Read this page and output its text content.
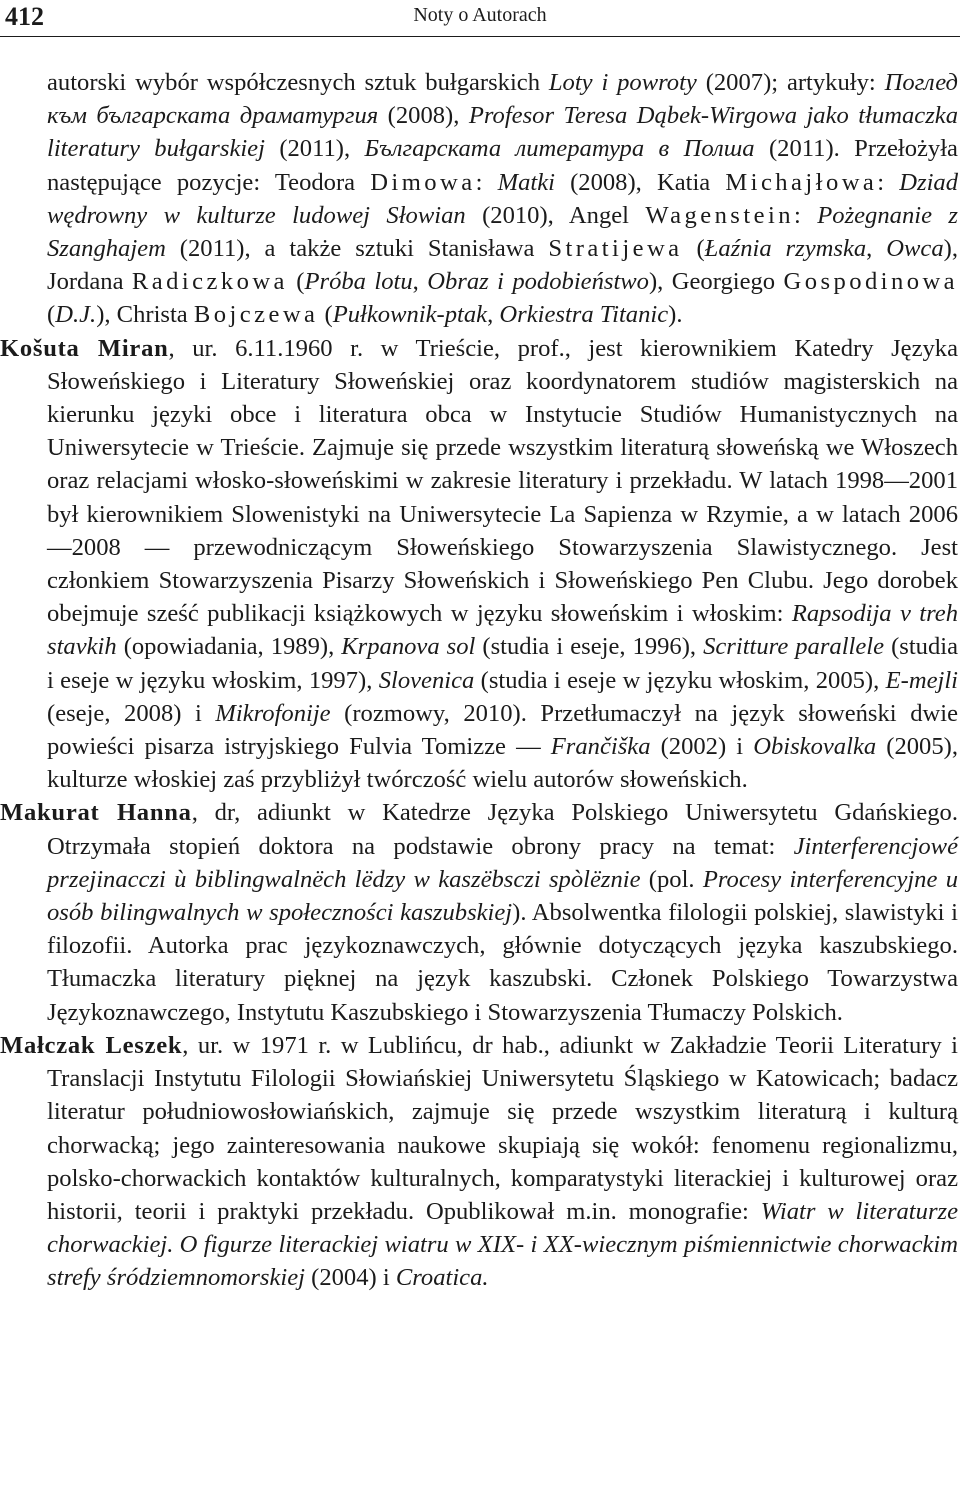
412	Noty o Autorach

autorski wybór współczesnych sztuk bułgarskich Loty i powroty (2007); artykuły: Поглед към българската драматургия (2008), Profesor Teresa Dąbek-Wirgowa jako tłumaczka literatury bułgarskiej (2011), Българската литература в Полша (2011). Przełożyła następujące pozycje: Teodora Dimowa: Matki (2008), Katia Michajłowa: Dziad wędrowny w kulturze ludowej Słowian (2010), Angel Wagenstein: Pożegnanie z Szanghajem (2011), a także sztuki Stanisława Stratijewa (Łaźnia rzymska, Owca), Jordana Radiczkowa (Próba lotu, Obraz i podobieństwo), Georgiego Gospodinowa (D.J.), Christa Bojczewa (Pułkownik-ptak, Orkiestra Titanic).

Košuta Miran, ur. 6.11.1960 r. w Trieście, prof., jest kierownikiem Katedry Języka Słoweńskiego i Literatury Słoweńskiej oraz koordynatorem studiów magisterskich na kierunku języki obce i literatura obca w Instytucie Studiów Humanistycznych na Uniwersytecie w Trieście. Zajmuje się przede wszystkim literaturą słoweńską we Włoszech oraz relacjami włosko-słoweńskimi w zakresie literatury i przekładu. W latach 1998—2001 był kierownikiem Slowenistyki na Uniwersytecie La Sapienza w Rzymie, a w latach 2006—2008 — przewodniczącym Słoweńskiego Stowarzyszenia Slawistycznego. Jest członkiem Stowarzyszenia Pisarzy Słoweńskich i Słoweńskiego Pen Clubu. Jego dorobek obejmuje sześć publikacji książkowych w języku słoweńskim i włoskim: Rapsodija v treh stavkih (opowiadania, 1989), Krpanova sol (studia i eseje, 1996), Scritture parallele (studia i eseje w języku włoskim, 1997), Slovenica (studia i eseje w języku włoskim, 2005), E-mejli (eseje, 2008) i Mikrofonije (rozmowy, 2010). Przetłumaczył na język słoweński dwie powieści pisarza istryjskiego Fulvia Tomizze — Frančiška (2002) i Obiskovalka (2005), kulturze włoskiej zaś przybliżył twórczość wielu autorów słoweńskich.

Makurat Hanna, dr, adiunkt w Katedrze Języka Polskiego Uniwersytetu Gdańskiego. Otrzymała stopień doktora na podstawie obrony pracy na temat: Jinterferencjowé przejinacczi ù biblingwalnëch lëdzy w kaszëbsczi spòlëznie (pol. Procesy interferencyjne u osób bilingwalnych w społeczności kaszubskiej). Absolwentka filologii polskiej, slawistyki i filozofii. Autorka prac językoznawczych, głównie dotyczących języka kaszubskiego. Tłumaczka literatury pięknej na język kaszubski. Członek Polskiego Towarzystwa Językoznawczego, Instytutu Kaszubskiego i Stowarzyszenia Tłumaczy Polskich.

Małczak Leszek, ur. w 1971 r. w Lublińcu, dr hab., adiunkt w Zakładzie Teorii Literatury i Translacji Instytutu Filologii Słowiańskiej Uniwersytetu Śląskiego w Katowicach; badacz literatur południowosłowiańskich, zajmuje się przede wszystkim literaturą i kulturą chorwacką; jego zainteresowania naukowe skupiają się wokół: fenomenu regionalizmu, polsko-chorwackich kontaktów kulturalnych, komparatystyki literackiej i kulturowej oraz historii, teorii i praktyki przekładu. Opublikował m.in. monografie: Wiatr w literaturze chorwackiej. O figurze literackiej wiatru w XIX- i XX-wiecznym piśmiennictwie chorwackim strefy śródziemnomorskiej (2004) i Croatica.
